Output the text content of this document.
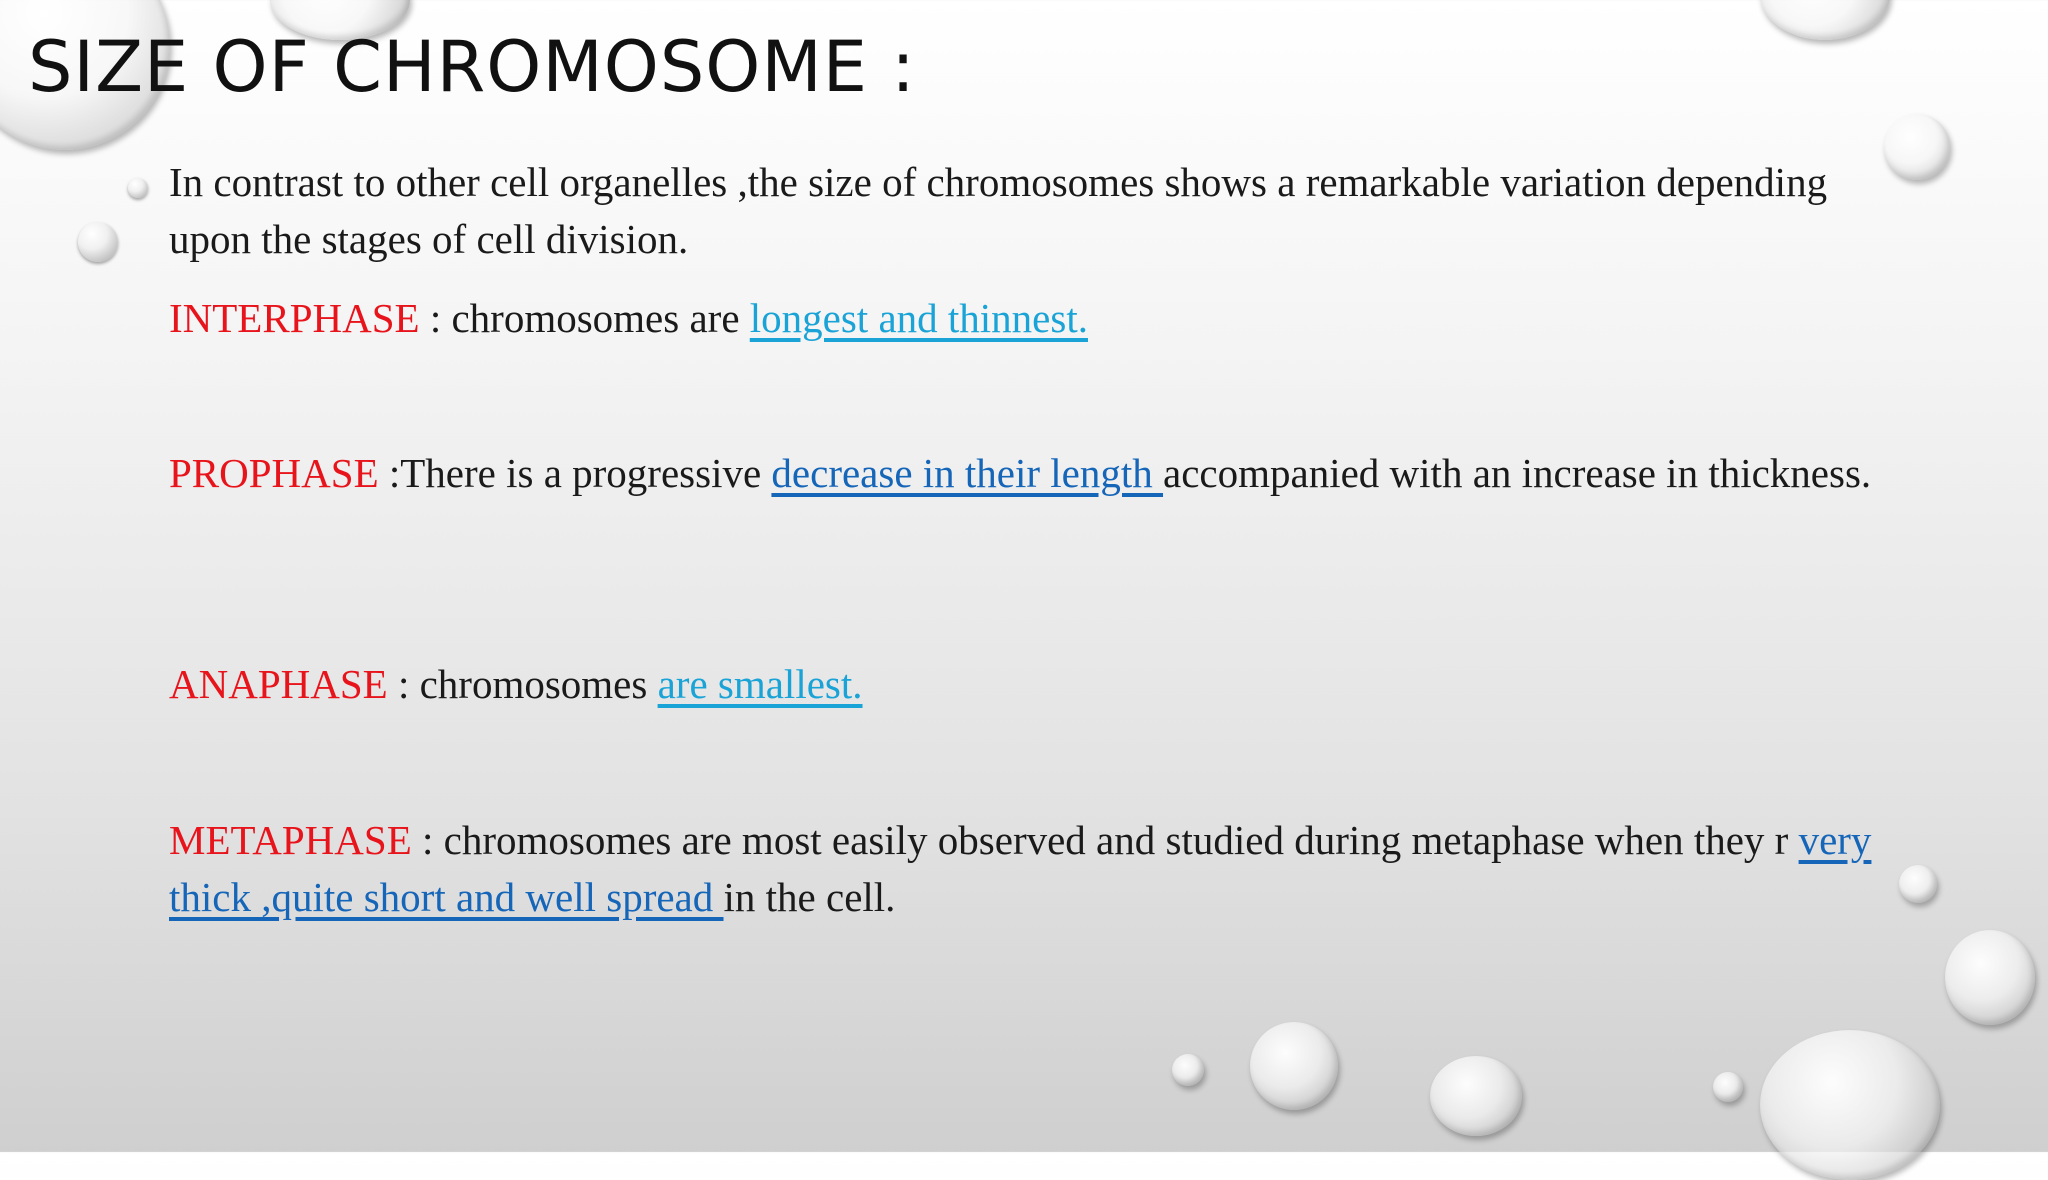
SIZE OF CHROMOSOME :
In contrast to other cell organelles ,the size of chromosomes shows a remarkable variation depending upon the stages of cell division.
INTERPHASE : chromosomes are longest and thinnest.
PROPHASE :There is a progressive decrease in their length accompanied with an increase in thickness.
ANAPHASE : chromosomes are smallest.
METAPHASE : chromosomes are most easily observed and studied during metaphase when they r very thick ,quite short and well spread in the cell.
